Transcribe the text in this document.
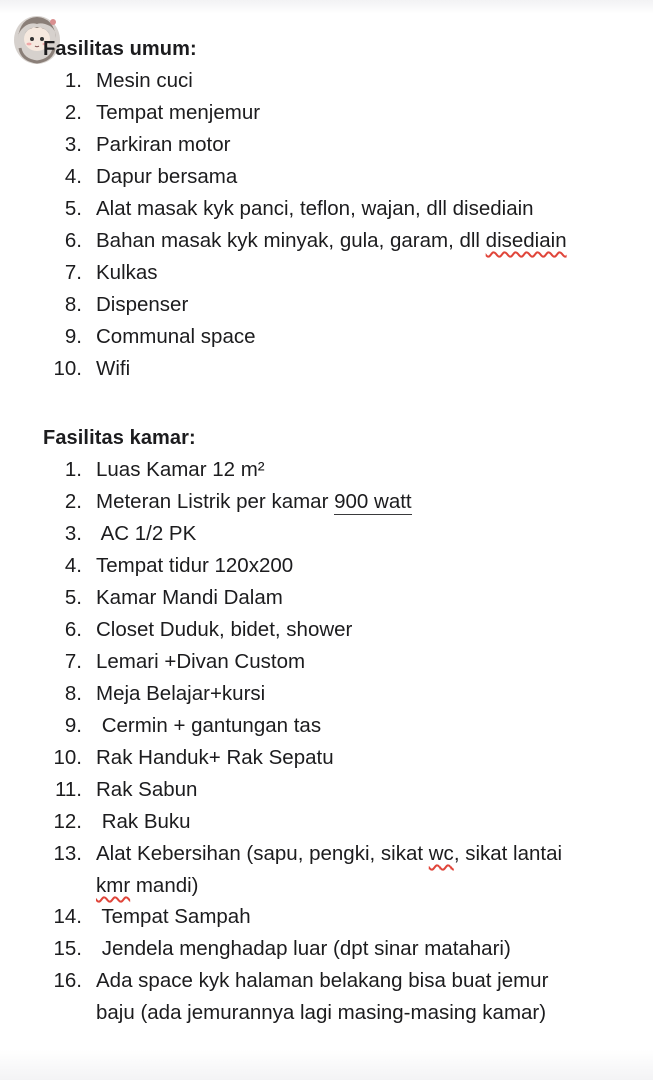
Fasilitas umum:
1. Mesin cuci
2. Tempat menjemur
3. Parkiran motor
4. Dapur bersama
5. Alat masak kyk panci, teflon, wajan, dll disediain
6. Bahan masak kyk minyak, gula, garam, dll disediain
7. Kulkas
8. Dispenser
9. Communal space
10. Wifi
Fasilitas kamar:
1. Luas Kamar 12 m²
2. Meteran Listrik per kamar 900 watt
3. AC 1/2 PK
4. Tempat tidur 120x200
5. Kamar Mandi Dalam
6. Closet Duduk, bidet, shower
7. Lemari +Divan Custom
8. Meja Belajar+kursi
9. Cermin + gantungan tas
10. Rak Handuk+ Rak Sepatu
11. Rak Sabun
12. Rak Buku
13. Alat Kebersihan (sapu, pengki, sikat wc, sikat lantai
kmr mandi)
14. Tempat Sampah
15. Jendela menghadap luar (dpt sinar matahari)
16. Ada space kyk halaman belakang bisa buat jemur
baju (ada jemurannya lagi masing-masing kamar)
